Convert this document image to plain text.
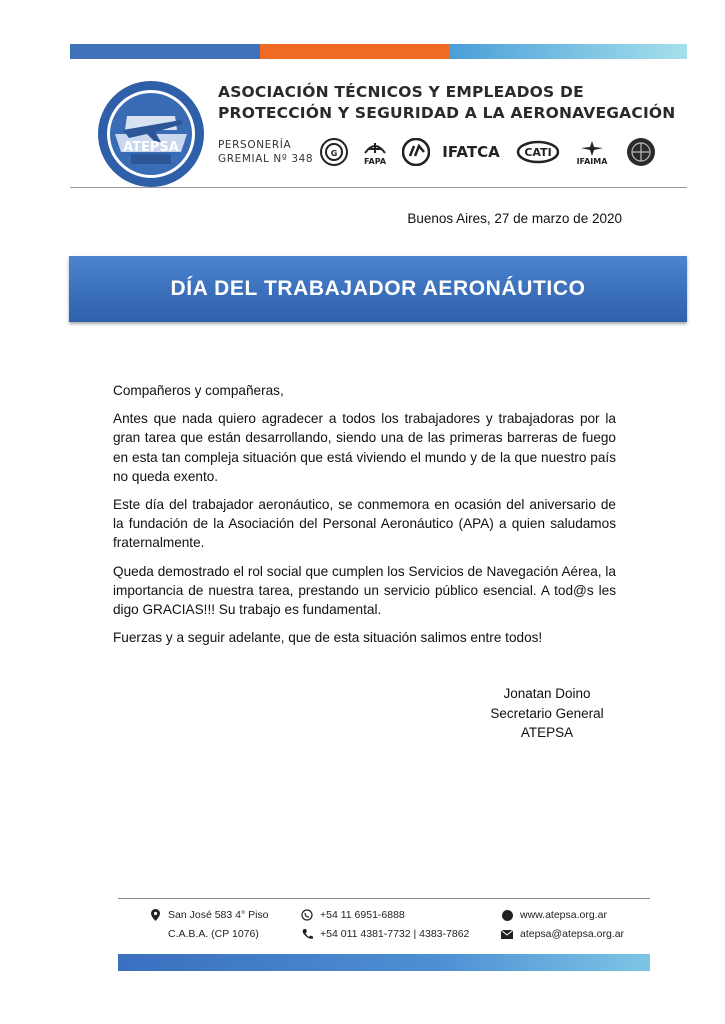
ATEPSA
ASOCIACIÓN TÉCNICOS Y EMPLEADOS DE
PROTECCIÓN Y SEGURIDAD A LA AERONAVEGACIÓN
PERSONERÍA
GREMIAL Nº 348 G
FAPA	IFATCA CATI
IFAIMA
Buenos Aires, 27 de marzo de 2020
DÍA DEL TRABAJADOR AERONÁUTICO

Compañeros y compañeras,

Antes que nada quiero agradecer a todos los trabajadores y trabajadoras por la gran tarea que están desarrollando, siendo una de las primeras barreras de fuego en esta tan compleja situación que está viviendo el mundo y de la que nuestro país no queda exento.

Este día del trabajador aeronáutico, se conmemora en ocasión del aniversario de la fundación de la Asociación del Personal Aeronáutico (APA) a quien saludamos fraternalmente.

Queda demostrado el rol social que cumplen los Servicios de Navegación Aérea, la importancia de nuestra tarea, prestando un servicio público esencial. A tod@s les digo GRACIAS!!! Su trabajo es fundamental.

Fuerzas y a seguir adelante, que de esta situación salimos entre todos!

Jonatan Doino
Secretario General
ATEPSA
San José 583 4° Piso
C.A.B.A. (CP 1076)
+54 11 6951-6888
+54 011 4381-7732 | 4383-7862
www.atepsa.org.ar
atepsa@atepsa.org.ar
